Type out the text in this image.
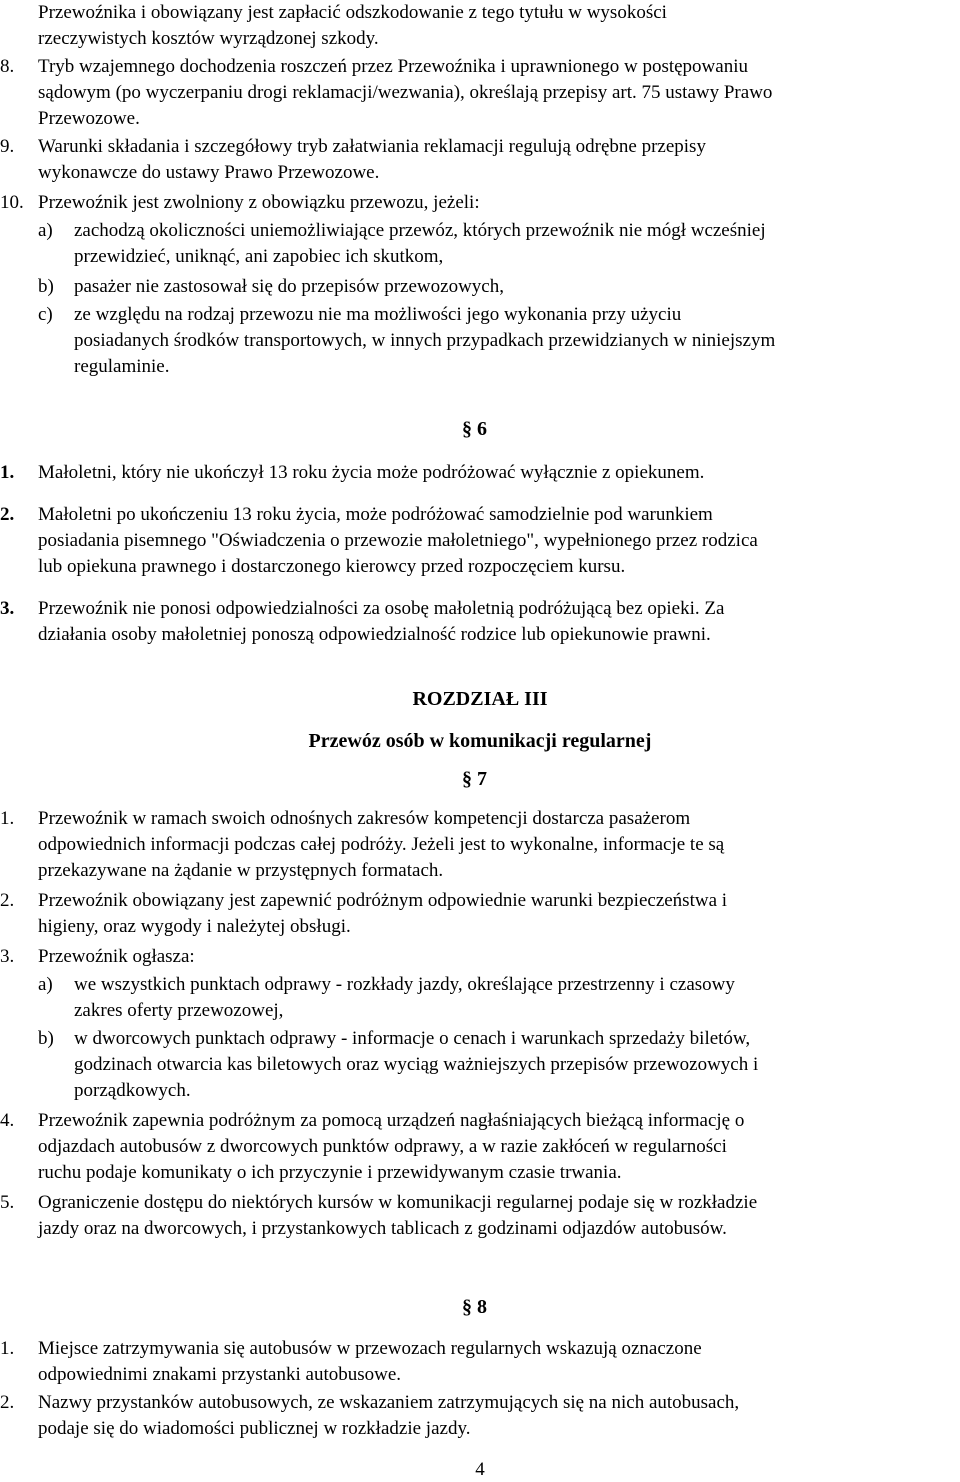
Przewoźnika i obowiązany jest zapłacić odszkodowanie z tego tytułu w wysokości
rzeczywistych kosztów wyrządzonej szkody.
8. Tryb wzajemnego dochodzenia roszczeń przez Przewoźnika i uprawnionego w postępowaniu
sądowym (po wyczerpaniu drogi reklamacji/wezwania), określają przepisy art. 75 ustawy Prawo
Przewozowe.
9. Warunki składania i szczegółowy tryb załatwiania reklamacji regulują odrębne przepisy
wykonawcze do ustawy Prawo Przewozowe.
10. Przewoźnik jest zwolniony z obowiązku przewozu, jeżeli:
a) zachodzą okoliczności uniemożliwiające przewóz, których przewoźnik nie mógł wcześniej
przewidzieć, uniknąć, ani zapobiec ich skutkom,
b) pasażer nie zastosował się do przepisów przewozowych,
c) ze względu na rodzaj przewozu nie ma możliwości jego wykonania przy użyciu
posiadanych środków transportowych, w innych przypadkach przewidzianych w niniejszym
regulaminie.
§ 6
1. Małoletni, który nie ukończył 13 roku życia może podróżować wyłącznie z opiekunem.
2. Małoletni po ukończeniu 13 roku życia, może podróżować samodzielnie pod warunkiem
posiadania pisemnego "Oświadczenia o przewozie małoletniego", wypełnionego przez rodzica
lub opiekuna prawnego i dostarczonego kierowcy przed rozpoczęciem kursu.
3. Przewoźnik nie ponosi odpowiedzialności za osobę małoletnią podróżującą bez opieki. Za
działania osoby małoletniej ponoszą odpowiedzialność rodzice lub opiekunowie prawni.
ROZDZIAŁ III
Przewóz osób w komunikacji regularnej
§ 7
1. Przewoźnik w ramach swoich odnośnych zakresów kompetencji dostarcza pasażerom
odpowiednich informacji podczas całej podróży. Jeżeli jest to wykonalne, informacje te są
przekazywane na żądanie w przystępnych formatach.
2. Przewoźnik obowiązany jest zapewnić podróżnym odpowiednie warunki bezpieczeństwa i
higieny, oraz wygody i należytej obsługi.
3. Przewoźnik ogłasza:
a) we wszystkich punktach odprawy - rozkłady jazdy, określające przestrzenny i czasowy
zakres oferty przewozowej,
b) w dworcowych punktach odprawy - informacje o cenach i warunkach sprzedaży biletów,
godzinach otwarcia kas biletowych oraz wyciąg ważniejszych przepisów przewozowych i
porządkowych.
4. Przewoźnik zapewnia podróżnym za pomocą urządzeń nagłaśniających bieżącą informację o
odjazdach autobusów z dworcowych punktów odprawy, a w razie zakłóceń w regularności
ruchu podaje komunikaty o ich przyczynie i przewidywanym czasie trwania.
5. Ograniczenie dostępu do niektórych kursów w komunikacji regularnej podaje się w rozkładzie
jazdy oraz na dworcowych, i przystankowych tablicach z godzinami odjazdów autobusów.
§ 8
1. Miejsce zatrzymywania się autobusów w przewozach regularnych wskazują oznaczone
odpowiednimi znakami przystanki autobusowe.
2. Nazwy przystanków autobusowych, ze wskazaniem zatrzymujących się na nich autobusach,
podaje się do wiadomości publicznej w rozkładzie jazdy.
4
